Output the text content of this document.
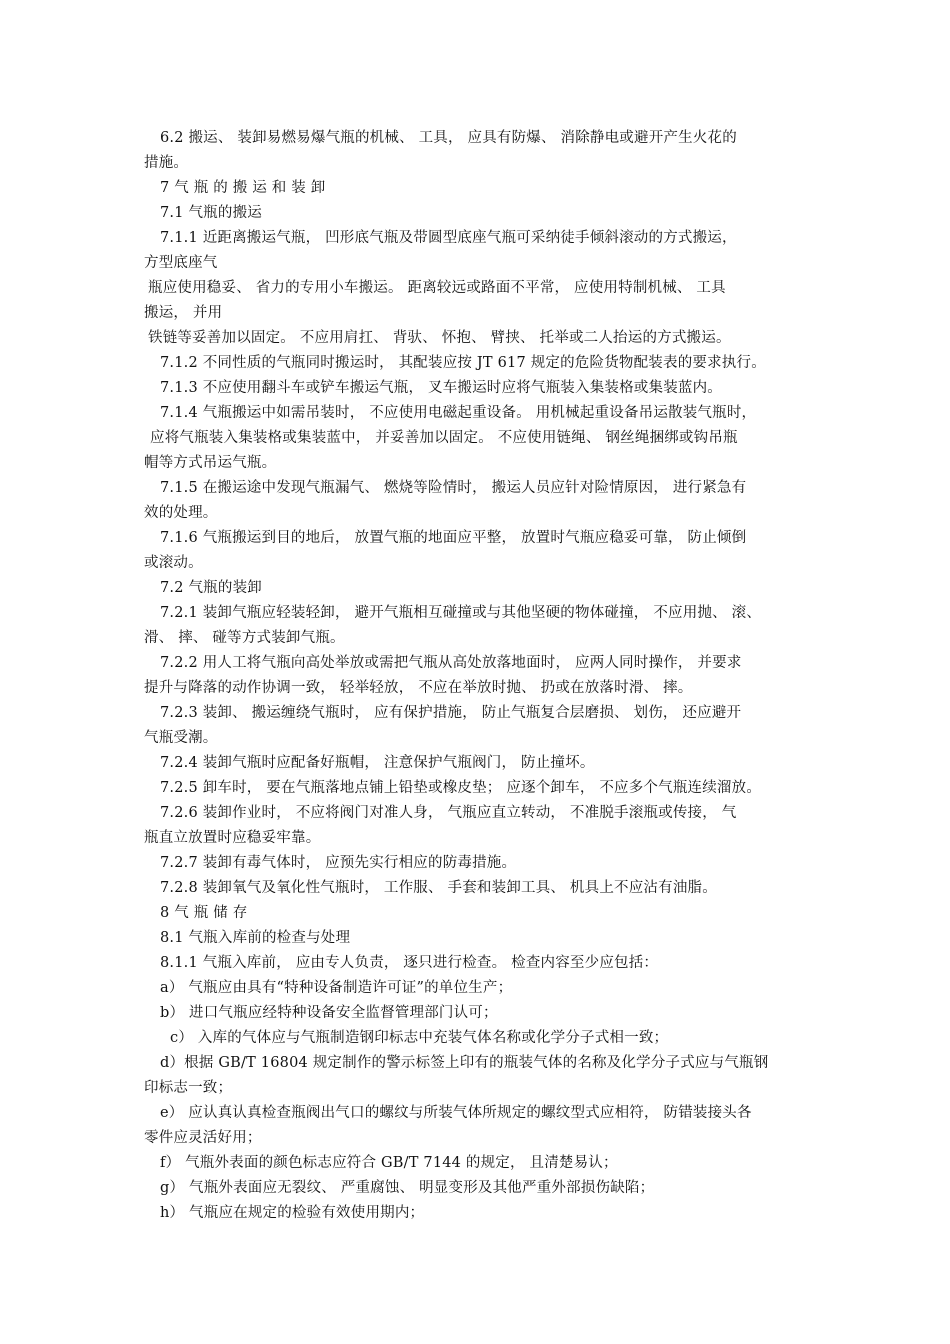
6.2 搬运、 装卸易燃易爆气瓶的机械、 工具， 应具有防爆、 消除静电或避开产生火花的
措施。
7 气 瓶 的 搬 运 和 装 卸
7.1 气瓶的搬运
7.1.1 近距离搬运气瓶， 凹形底气瓶及带圆型底座气瓶可采纳徒手倾斜滚动的方式搬运，
方型底座气
瓶应使用稳妥、 省力的专用小车搬运。 距离较远或路面不平常， 应使用特制机械、 工具
搬运， 并用
铁链等妥善加以固定。 不应用肩扛、 背驮、 怀抱、 臂挟、 托举或二人抬运的方式搬运。
7.1.2 不同性质的气瓶同时搬运时， 其配装应按 JT 617 规定的危险货物配装表的要求执行。
7.1.3 不应使用翻斗车或铲车搬运气瓶， 叉车搬运时应将气瓶装入集装格或集装蓝内。
7.1.4 气瓶搬运中如需吊装时， 不应使用电磁起重设备。 用机械起重设备吊运散装气瓶时，
应将气瓶装入集装格或集装蓝中， 并妥善加以固定。 不应使用链绳、 钢丝绳捆绑或钩吊瓶
帽等方式吊运气瓶。
7.1.5 在搬运途中发现气瓶漏气、 燃烧等险情时， 搬运人员应针对险情原因， 进行紧急有
效的处理。
7.1.6 气瓶搬运到目的地后， 放置气瓶的地面应平整， 放置时气瓶应稳妥可靠， 防止倾倒
或滚动。
7.2 气瓶的装卸
7.2.1 装卸气瓶应轻装轻卸， 避开气瓶相互碰撞或与其他坚硬的物体碰撞， 不应用抛、 滚、
滑、 摔、 碰等方式装卸气瓶。
7.2.2 用人工将气瓶向高处举放或需把气瓶从高处放落地面时， 应两人同时操作， 并要求
提升与降落的动作协调一致， 轻举轻放， 不应在举放时抛、 扔或在放落时滑、 摔。
7.2.3 装卸、 搬运缠绕气瓶时， 应有保护措施， 防止气瓶复合层磨损、 划伤， 还应避开
气瓶受潮。
7.2.4 装卸气瓶时应配备好瓶帽， 注意保护气瓶阀门， 防止撞坏。
7.2.5 卸车时， 要在气瓶落地点铺上铅垫或橡皮垫； 应逐个卸车， 不应多个气瓶连续溜放。
7.2.6 装卸作业时， 不应将阀门对准人身， 气瓶应直立转动， 不准脱手滚瓶或传接， 气
瓶直立放置时应稳妥牢靠。
7.2.7 装卸有毒气体时， 应预先实行相应的防毒措施。
7.2.8 装卸氧气及氧化性气瓶时， 工作服、 手套和装卸工具、 机具上不应沾有油脂。
8 气 瓶 储 存
8.1 气瓶入库前的检查与处理
8.1.1 气瓶入库前， 应由专人负责， 逐只进行检查。 检查内容至少应包括：
a） 气瓶应由具有“特种设备制造许可证”的单位生产；
b） 进口气瓶应经特种设备安全监督管理部门认可；
c） 入库的气体应与气瓶制造钢印标志中充装气体名称或化学分子式相一致；
d）根据 GB/T 16804 规定制作的警示标签上印有的瓶装气体的名称及化学分子式应与气瓶钢
印标志一致；
e） 应认真认真检查瓶阀出气口的螺纹与所装气体所规定的螺纹型式应相符， 防错装接头各
零件应灵活好用；
f） 气瓶外表面的颜色标志应符合 GB/T 7144 的规定， 且清楚易认；
g） 气瓶外表面应无裂纹、 严重腐蚀、 明显变形及其他严重外部损伤缺陷；
h） 气瓶应在规定的检验有效使用期内；
